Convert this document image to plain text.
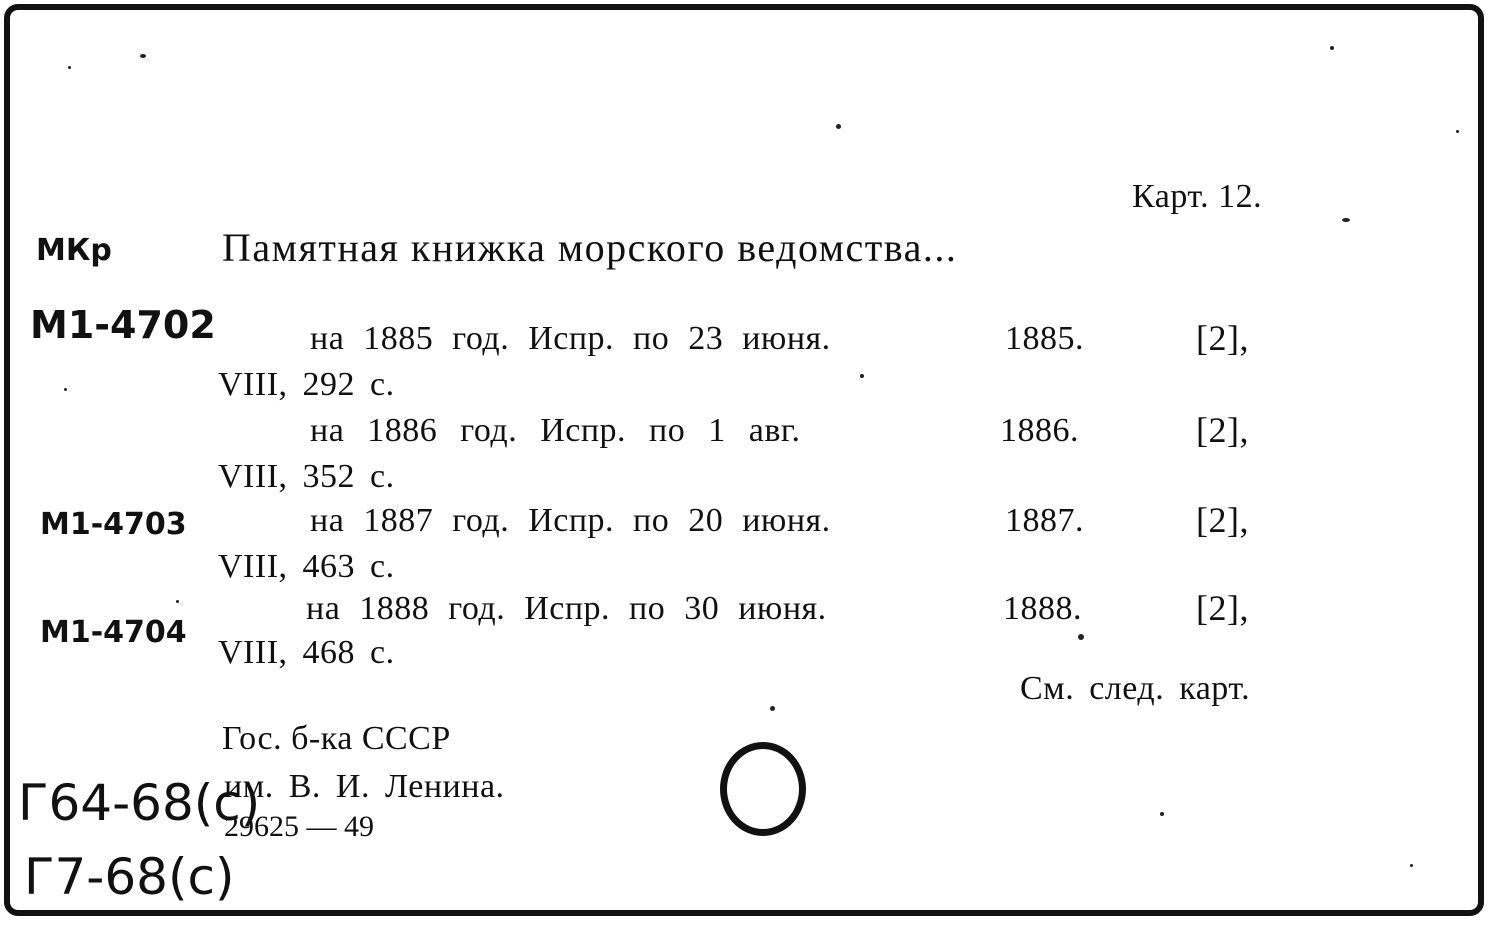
Карт. 12.
Памятная книжка морского ведомства...
на 1885 год. Испр. по 23 июня.	1885.	[2],
VIII, 292 с.
на 1886 год. Испр. по 1 авг.	1886.	[2],
VIII, 352 с.
на 1887 год. Испр. по 20 июня.	1887.	[2],
VIII, 463 с.
на 1888 год. Испр. по 30 июня.	1888.	[2],
VIII, 468 с.
См. след. карт.
Гос. б-ка СССР
им. В. И. Ленина.
29625 — 49
МКр
М1-4702
М1-4703
М1-4704
Г64-68(с)
Г7-68(с)
